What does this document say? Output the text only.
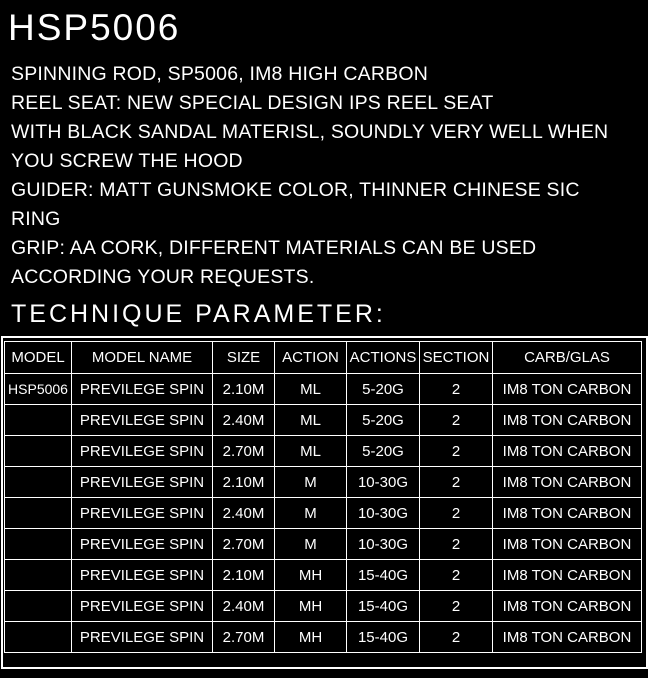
HSP5006
SPINNING ROD, SP5006, IM8 HIGH CARBON
REEL SEAT: NEW SPECIAL DESIGN IPS REEL SEAT
WITH BLACK SANDAL MATERISL, SOUNDLY VERY WELL WHEN
YOU SCREW THE HOOD
GUIDER: MATT GUNSMOKE COLOR, THINNER CHINESE SIC
RING
GRIP: AA CORK, DIFFERENT MATERIALS CAN BE USED
ACCORDING YOUR REQUESTS.
TECHNIQUE PARAMETER:
MODEL	MODEL NAME	SIZE	ACTION	ACTIONS	SECTION	CARB/GLAS
HSP5006	PREVILEGE SPIN	2.10M	ML	5-20G	2	IM8 TON CARBON
	PREVILEGE SPIN	2.40M	ML	5-20G	2	IM8 TON CARBON
	PREVILEGE SPIN	2.70M	ML	5-20G	2	IM8 TON CARBON
	PREVILEGE SPIN	2.10M	M	10-30G	2	IM8 TON CARBON
	PREVILEGE SPIN	2.40M	M	10-30G	2	IM8 TON CARBON
	PREVILEGE SPIN	2.70M	M	10-30G	2	IM8 TON CARBON
	PREVILEGE SPIN	2.10M	MH	15-40G	2	IM8 TON CARBON
	PREVILEGE SPIN	2.40M	MH	15-40G	2	IM8 TON CARBON
	PREVILEGE SPIN	2.70M	MH	15-40G	2	IM8 TON CARBON
